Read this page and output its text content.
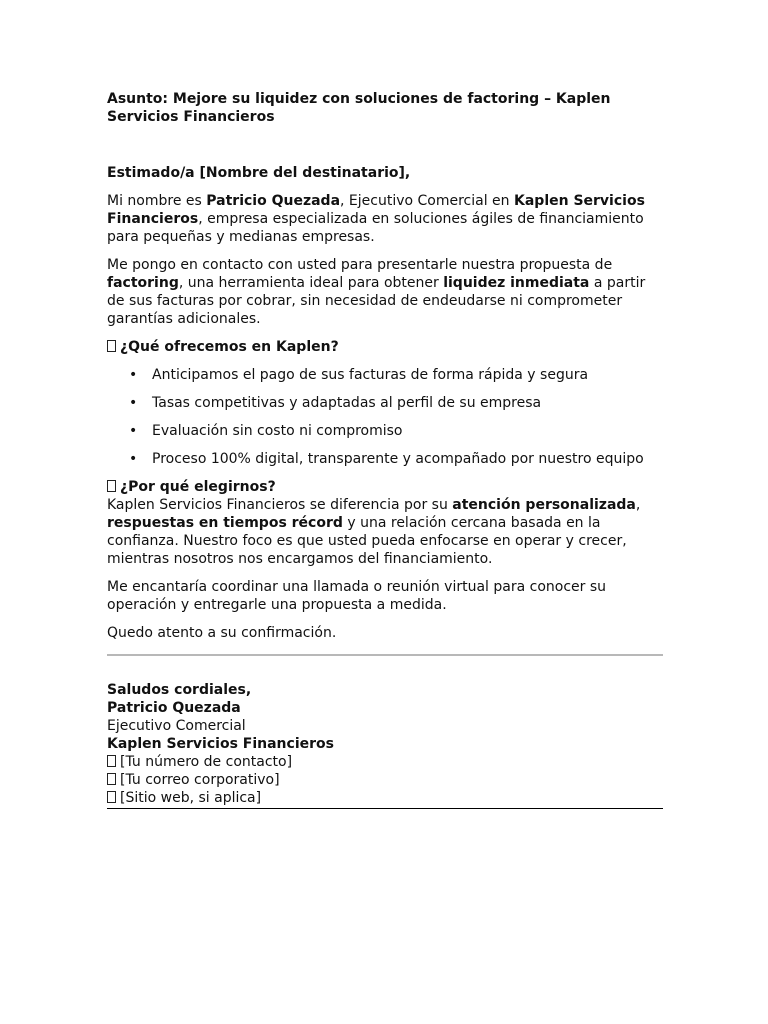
Asunto: Mejore su liquidez con soluciones de factoring – Kaplen Servicios Financieros

Estimado/a [Nombre del destinatario],

Mi nombre es Patricio Quezada, Ejecutivo Comercial en Kaplen Servicios Financieros, empresa especializada en soluciones ágiles de financiamiento para pequeñas y medianas empresas.

Me pongo en contacto con usted para presentarle nuestra propuesta de factoring, una herramienta ideal para obtener liquidez inmediata a partir de sus facturas por cobrar, sin necesidad de endeudarse ni comprometer garantías adicionales.

¿Qué ofrecemos en Kaplen?

• Anticipamos el pago de sus facturas de forma rápida y segura
• Tasas competitivas y adaptadas al perfil de su empresa
• Evaluación sin costo ni compromiso
• Proceso 100% digital, transparente y acompañado por nuestro equipo

¿Por qué elegirnos?

Kaplen Servicios Financieros se diferencia por su atención personalizada, respuestas en tiempos récord y una relación cercana basada en la confianza. Nuestro foco es que usted pueda enfocarse en operar y crecer, mientras nosotros nos encargamos del financiamiento.

Me encantaría coordinar una llamada o reunión virtual para conocer su operación y entregarle una propuesta a medida.

Quedo atento a su confirmación.

Saludos cordiales,

Patricio Quezada

Ejecutivo Comercial

Kaplen Servicios Financieros

[Tu número de contacto]

[Tu correo corporativo]

[Sitio web, si aplica]
